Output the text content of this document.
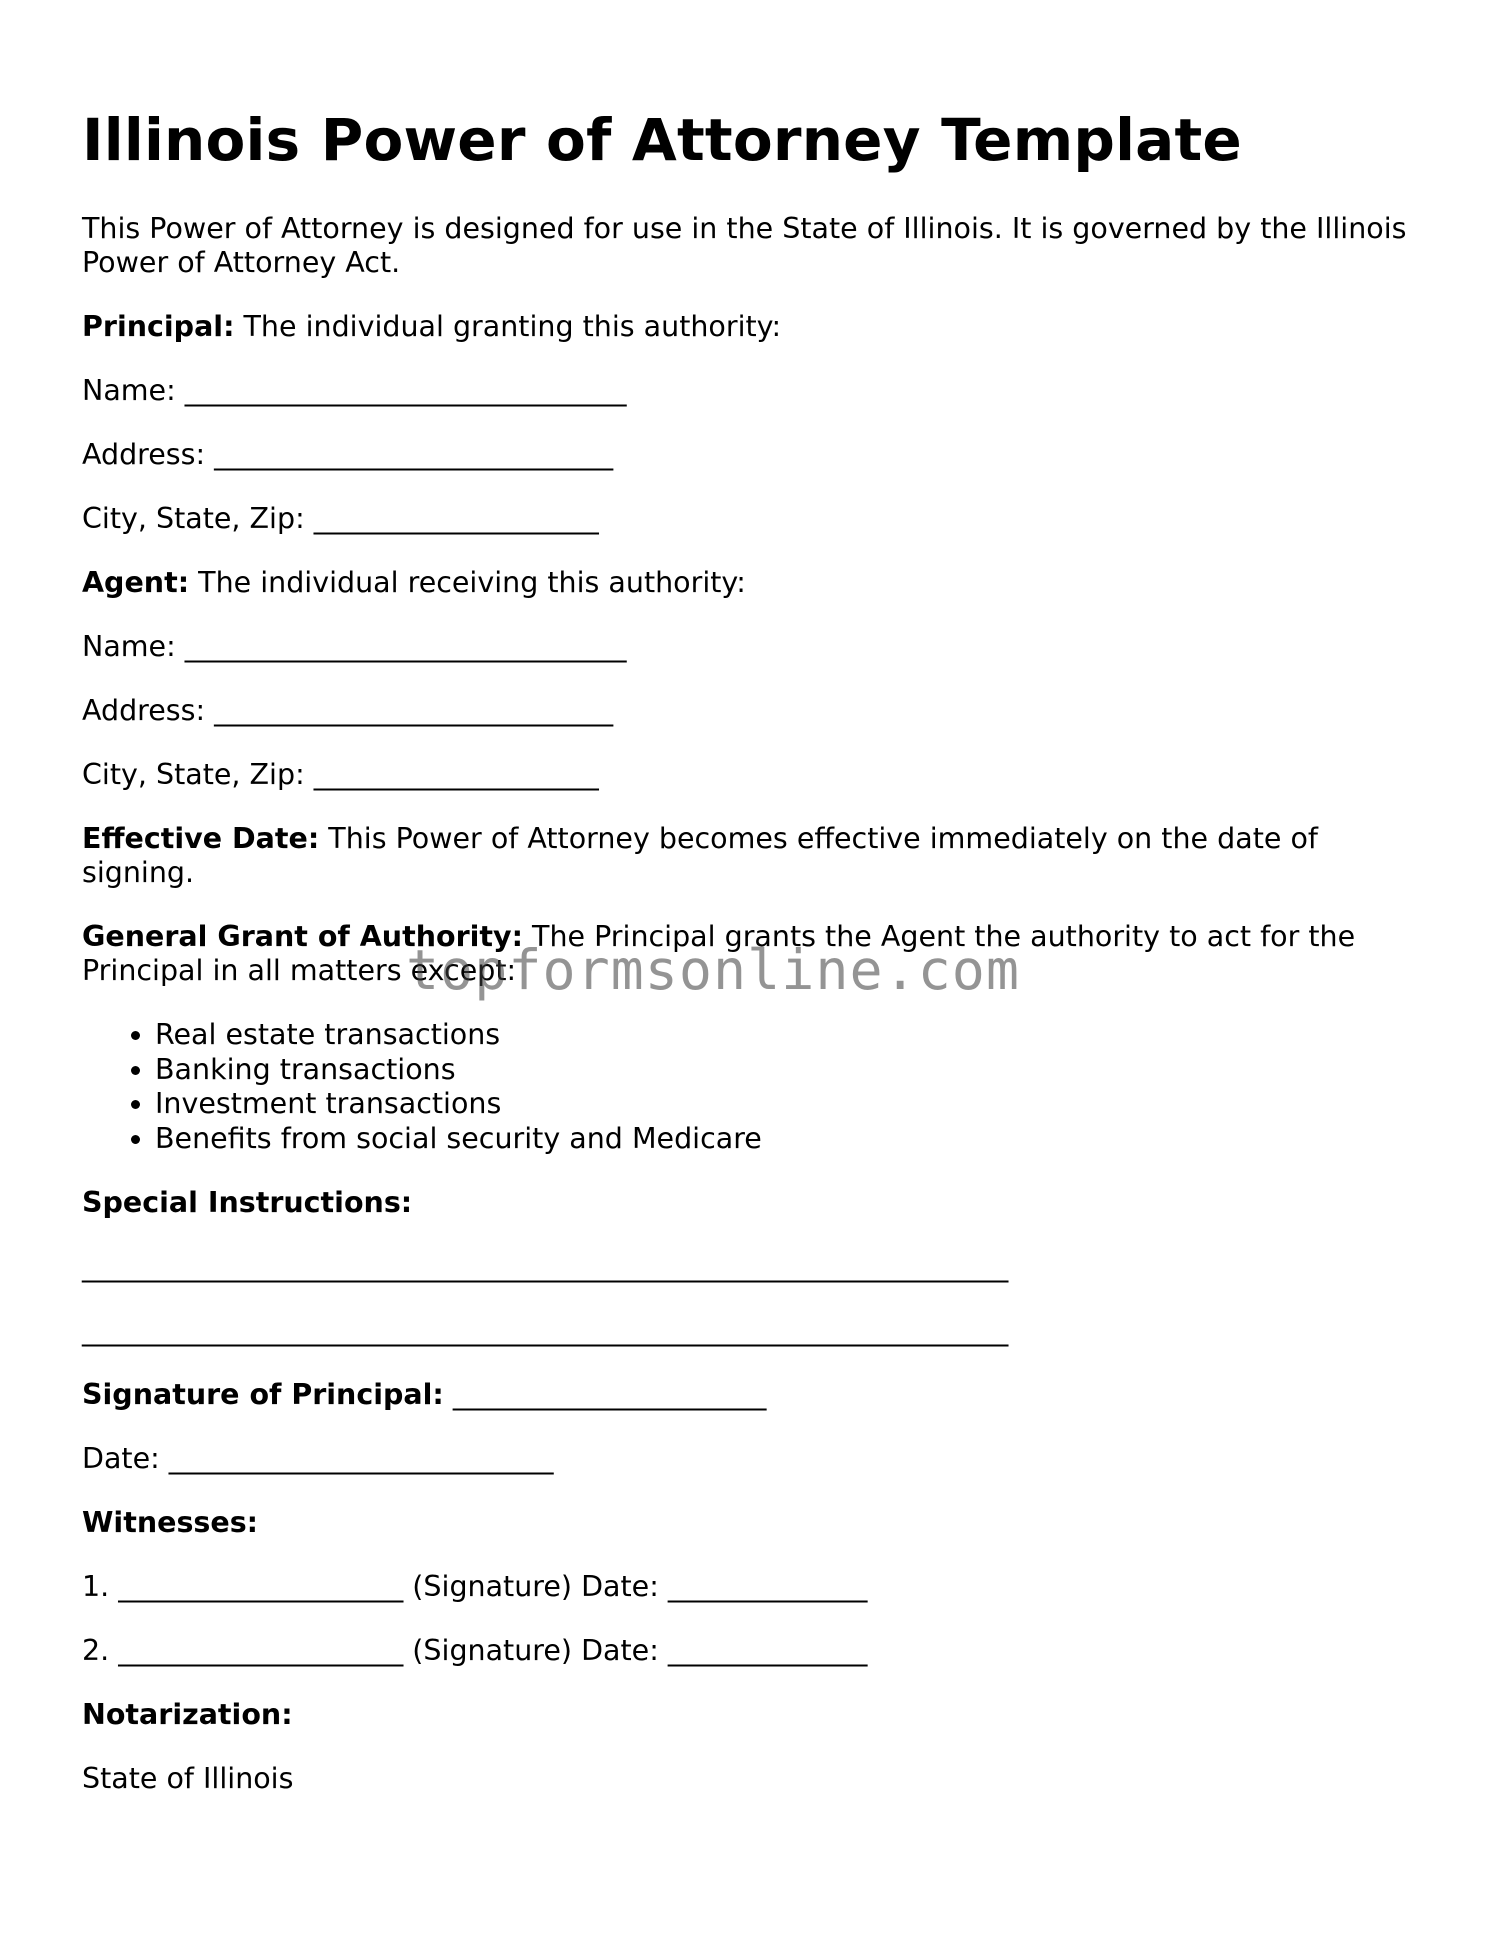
Illinois Power of Attorney Template

This Power of Attorney is designed for use in the State of Illinois. It is governed by the Illinois Power of Attorney Act.

Principal: The individual granting this authority:

Name: _______________________________

Address: ____________________________

City, State, Zip: ____________________

Agent: The individual receiving this authority:

Name: _______________________________

Address: ____________________________

City, State, Zip: ____________________

Effective Date: This Power of Attorney becomes effective immediately on the date of signing.

General Grant of Authority: The Principal grants the Agent the authority to act for the Principal in all matters except:

• Real estate transactions
• Banking transactions
• Investment transactions
• Benefits from social security and Medicare

Special Instructions:

_________________________________________________________________

_________________________________________________________________

Signature of Principal: ______________________

Date: ___________________________

Witnesses:

1. ____________________ (Signature) Date: ______________

2. ____________________ (Signature) Date: ______________

Notarization:

State of Illinois

topformsonline.com
